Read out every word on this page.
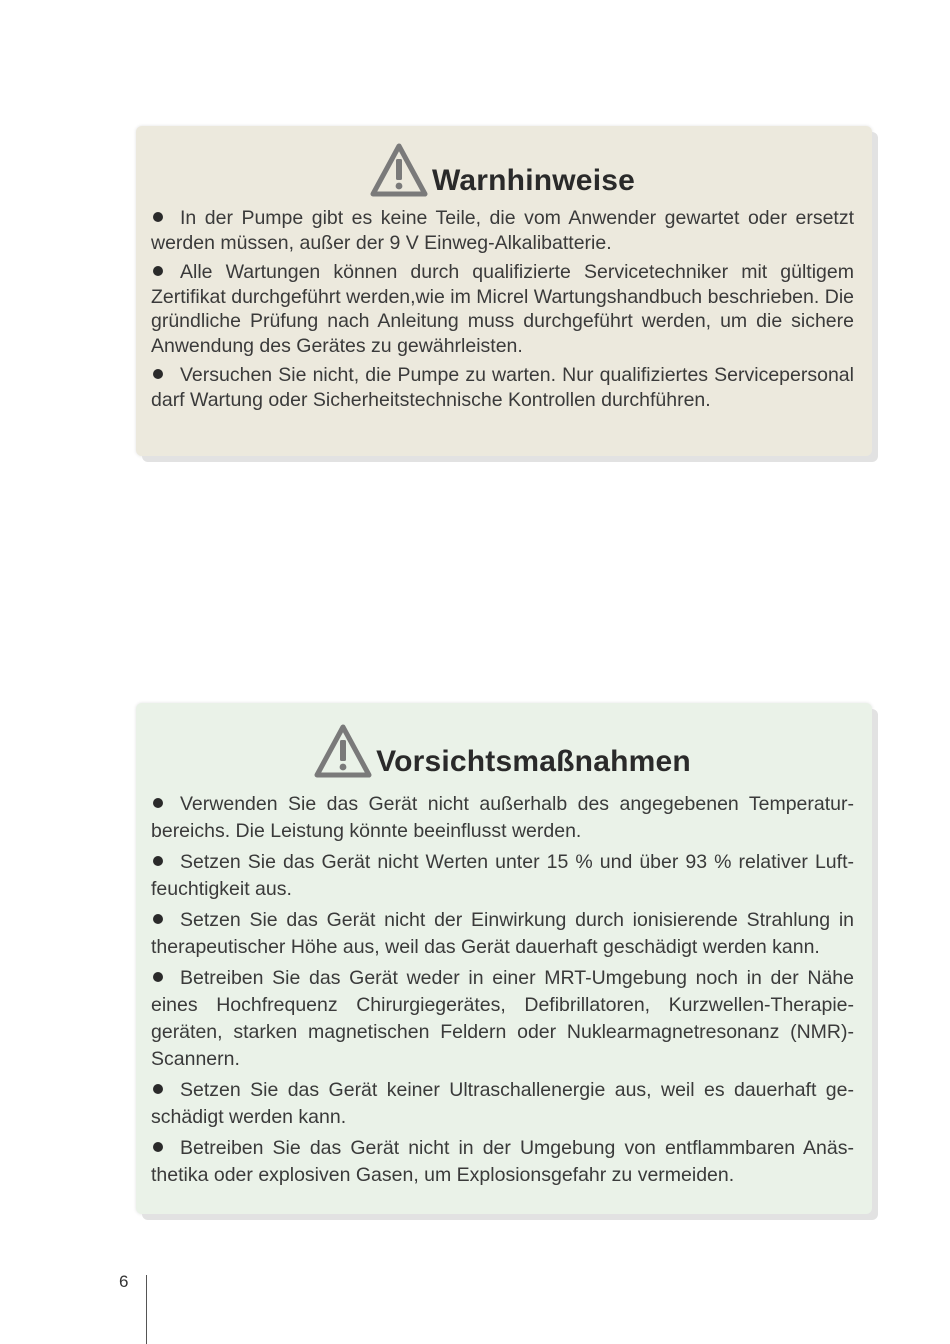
Warnhinweise
In der Pumpe gibt es keine Teile, die vom Anwender gewartet oder ersetzt werden müssen, außer der 9 V Einweg-Alkalibatterie.
Alle Wartungen können durch qualifizierte Servicetechniker mit gültigem Zertifikat durchgeführt werden,wie im Micrel Wartungshandbuch beschrieben. Die gründliche Prüfung nach Anleitung muss durchgeführt werden, um die sichere Anwendung des Gerätes zu gewährleisten.
Versuchen Sie nicht, die Pumpe zu warten. Nur qualifiziertes Servicepersonal darf Wartung oder Sicherheitstechnische Kontrollen durchführen.
Vorsichtsmaßnahmen
Verwenden Sie das Gerät nicht außerhalb des angegebenen Temperaturbereichs. Die Leistung könnte beeinflusst werden.
Setzen Sie das Gerät nicht Werten unter 15 % und über 93 % relativer Luftfeuchtigkeit aus.
Setzen Sie das Gerät nicht der Einwirkung durch ionisierende Strahlung in therapeutischer Höhe aus, weil das Gerät dauerhaft geschädigt werden kann.
Betreiben Sie das Gerät weder in einer MRT-Umgebung noch in der Nähe eines Hochfrequenz Chirurgiegerätes, Defibrillatoren, Kurzwellen-Therapiegeräten, starken magnetischen Feldern oder Nuklearmagnetresonanz (NMR)-Scannern.
Setzen Sie das Gerät keiner Ultraschallenergie aus, weil es dauerhaft geschädigt werden kann.
Betreiben Sie das Gerät nicht in der Umgebung von entflammbaren Anästhetika oder explosiven Gasen, um Explosionsgefahr zu vermeiden.
6
